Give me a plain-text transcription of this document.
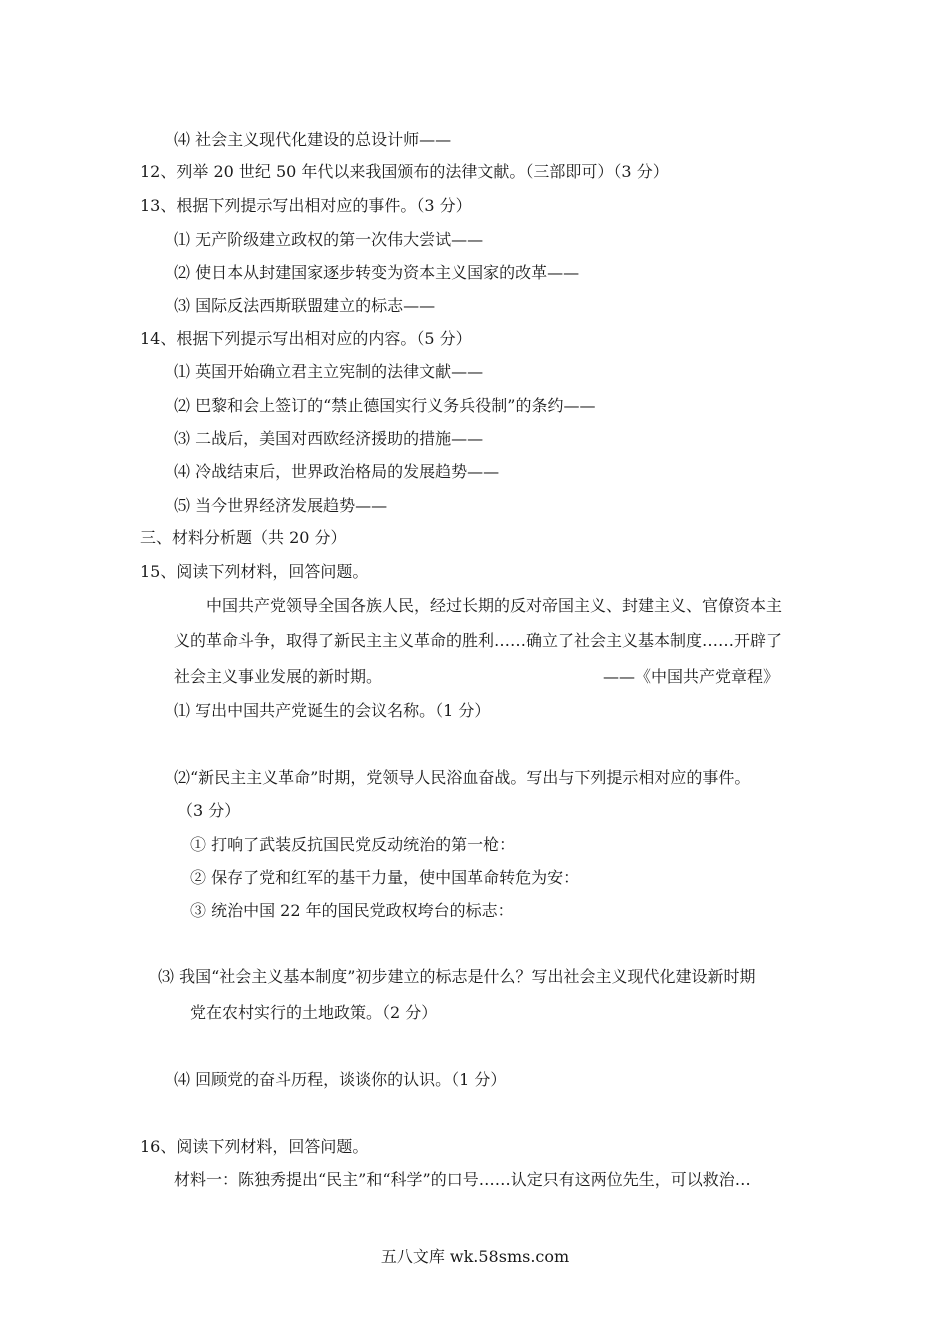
⑷ 社会主义现代化建设的总设计师——
12、列举 20 世纪 50 年代以来我国颁布的法律文献。（三部即可）（3 分）
13、根据下列提示写出相对应的事件。（3 分）
⑴ 无产阶级建立政权的第一次伟大尝试——
⑵ 使日本从封建国家逐步转变为资本主义国家的改革——
⑶ 国际反法西斯联盟建立的标志——
14、根据下列提示写出相对应的内容。（5 分）
⑴ 英国开始确立君主立宪制的法律文献——
⑵ 巴黎和会上签订的“禁止德国实行义务兵役制”的条约——
⑶ 二战后，美国对西欧经济援助的措施——
⑷ 冷战结束后，世界政治格局的发展趋势——
⑸ 当今世界经济发展趋势——
三、材料分析题（共 20 分）
15、阅读下列材料，回答问题。
中国共产党领导全国各族人民，经过长期的反对帝国主义、封建主义、官僚资本主
义的革命斗争，取得了新民主主义革命的胜利……确立了社会主义基本制度……开辟了
社会主义事业发展的新时期。	——《中国共产党章程》
⑴ 写出中国共产党诞生的会议名称。（1 分）
⑵“新民主主义革命”时期，党领导人民浴血奋战。写出与下列提示相对应的事件。
（3 分）
① 打响了武装反抗国民党反动统治的第一枪：
② 保存了党和红军的基干力量，使中国革命转危为安：
③ 统治中国 22 年的国民党政权垮台的标志：
⑶ 我国“社会主义基本制度”初步建立的标志是什么？写出社会主义现代化建设新时期
党在农村实行的土地政策。（2 分）
⑷ 回顾党的奋斗历程，谈谈你的认识。（1 分）
16、阅读下列材料，回答问题。
材料一：陈独秀提出“民主”和“科学”的口号……认定只有这两位先生，可以救治…
五八文库 wk.58sms.com
